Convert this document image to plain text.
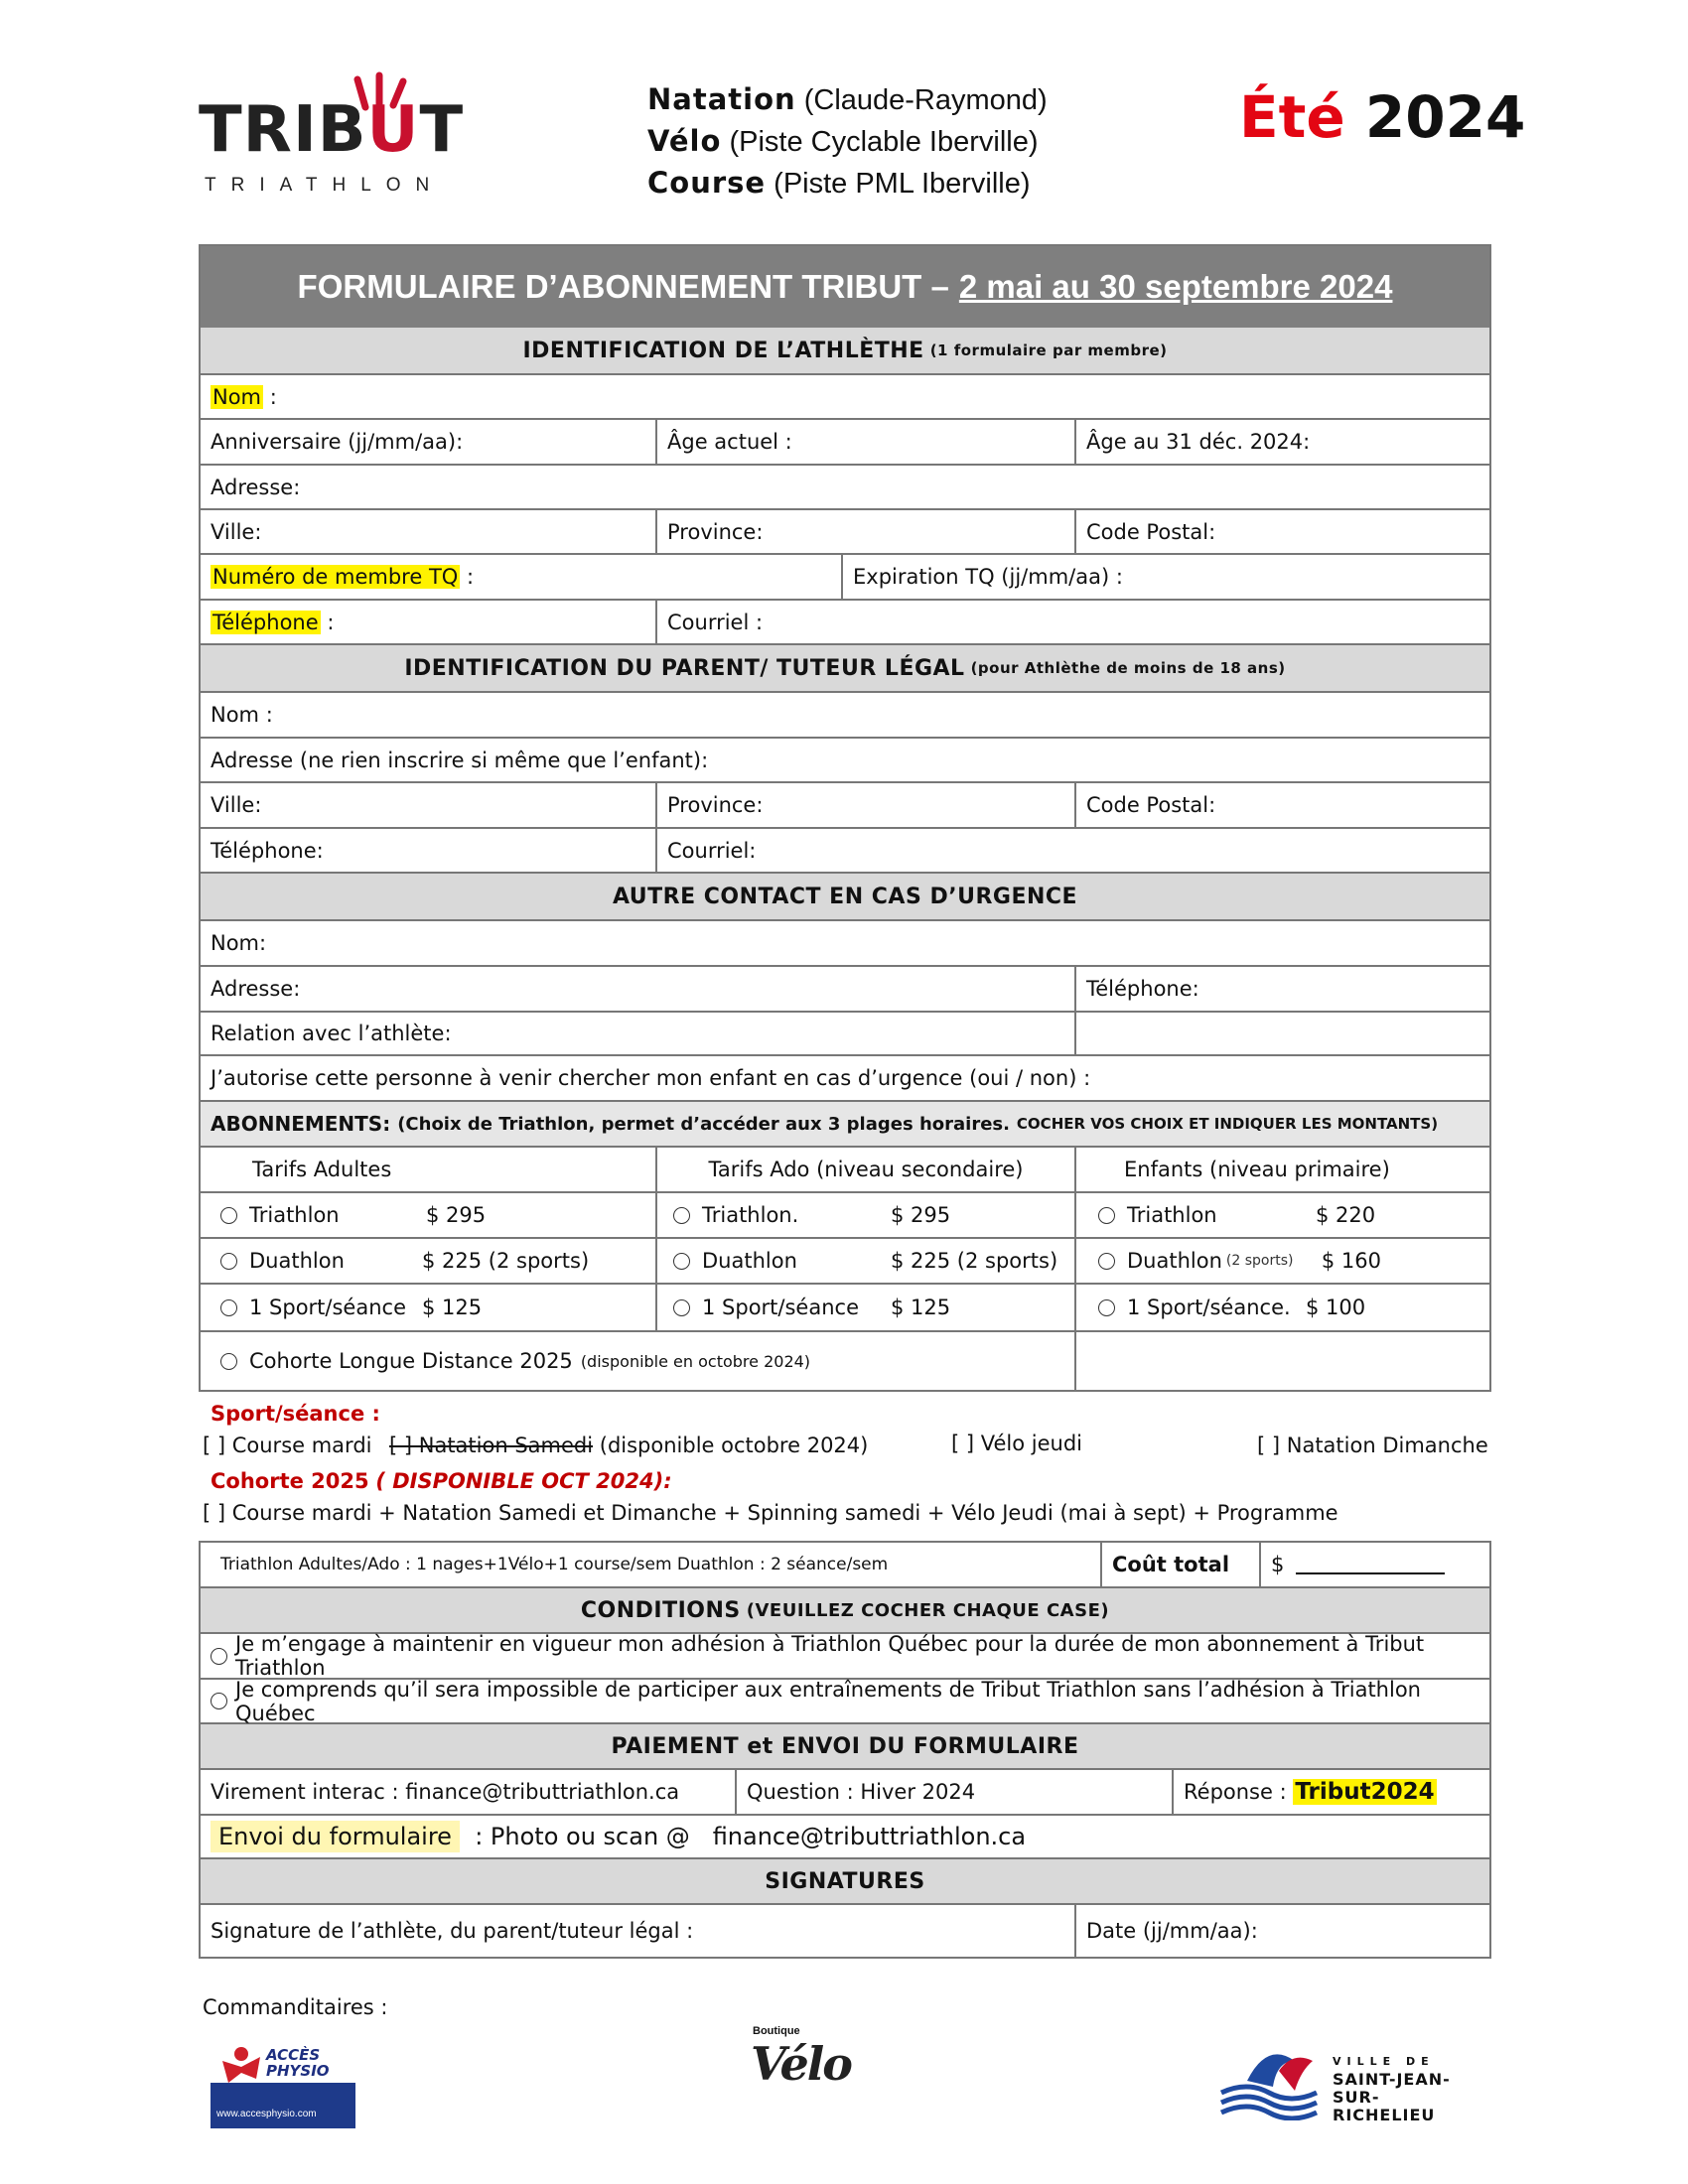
TRIBUT
TRIATHLON
Natation (Claude-Raymond)
Vélo (Piste Cyclable Iberville)
Course (Piste PML Iberville)
Été 2024
FORMULAIRE D’ABONNEMENT TRIBUT – 2 mai au 30 septembre 2024
IDENTIFICATION DE L’ATHLÈTHE (1 formulaire par membre)
Nom :
Anniversaire (jj/mm/aa):	Âge actuel :	Âge au 31 déc. 2024:
Adresse:
Ville:	Province:	Code Postal:
Numéro de membre TQ :	Expiration TQ (jj/mm/aa) :
Téléphone :	Courriel :
IDENTIFICATION DU PARENT/ TUTEUR LÉGAL (pour Athlèthe de moins de 18 ans)
Nom :
Adresse (ne rien inscrire si même que l’enfant):
Ville:	Province:	Code Postal:
Téléphone:	Courriel:
AUTRE CONTACT EN CAS D’URGENCE
Nom:
Adresse:	Téléphone:
Relation avec l’athlète:
J’autorise cette personne à venir chercher mon enfant en cas d’urgence (oui / non) :
ABONNEMENTS:
(Choix de Triathlon, permet d’accéder aux 3 plages horaires.
COCHER VOS CHOIX ET INDIQUER LES MONTANTS)
Tarifs Adultes	Tarifs Ado (niveau secondaire)	Enfants (niveau primaire)
Triathlon	$ 295	Triathlon.	$ 295	Triathlon	$ 220
Duathlon	$ 225 (2 sports)	Duathlon	$ 225 (2 sports)	Duathlon (2 sports)	$ 160
1 Sport/séance $ 125	1 Sport/séance	$ 125	1 Sport/séance. $ 100
Cohorte Longue Distance 2025 (disponible en octobre 2024)
Sport/séance :
[ ] Course mardi [ ] Natation Samedi (disponible octobre 2024)	[ ] Vélo jeudi	[ ] Natation Dimanche
Cohorte 2025 ( DISPONIBLE OCT 2024):
[ ] Course mardi + Natation Samedi et Dimanche + Spinning samedi + Vélo Jeudi (mai à sept) + Programme
Triathlon Adultes/Ado : 1 nages+1Vélo+1 course/sem Duathlon : 2 séance/sem	Coût total	$
CONDITIONS (VEUILLEZ COCHER CHAQUE CASE)
Je m’engage à maintenir en vigueur mon adhésion à Triathlon Québec pour la durée de mon abonnement à Tribut Triathlon
Je comprends qu’il sera impossible de participer aux entraînements de Tribut Triathlon sans l’adhésion à Triathlon Québec
PAIEMENT et ENVOI DU FORMULAIRE
Virement interac : finance@tributtriathlon.ca	Question : Hiver 2024	Réponse :
Tribut2024
Envoi du formulaire
: Photo ou scan @
finance@tributtriathlon.ca
SIGNATURES
Signature de l’athlète, du parent/tuteur légal :	Date (jj/mm/aa):
Commanditaires :
ACCÈS
PHYSIO
www.accesphysio.com
Boutique
Vélo	VILLE DE
SAINT-JEAN-
SUR-RICHELIEU
